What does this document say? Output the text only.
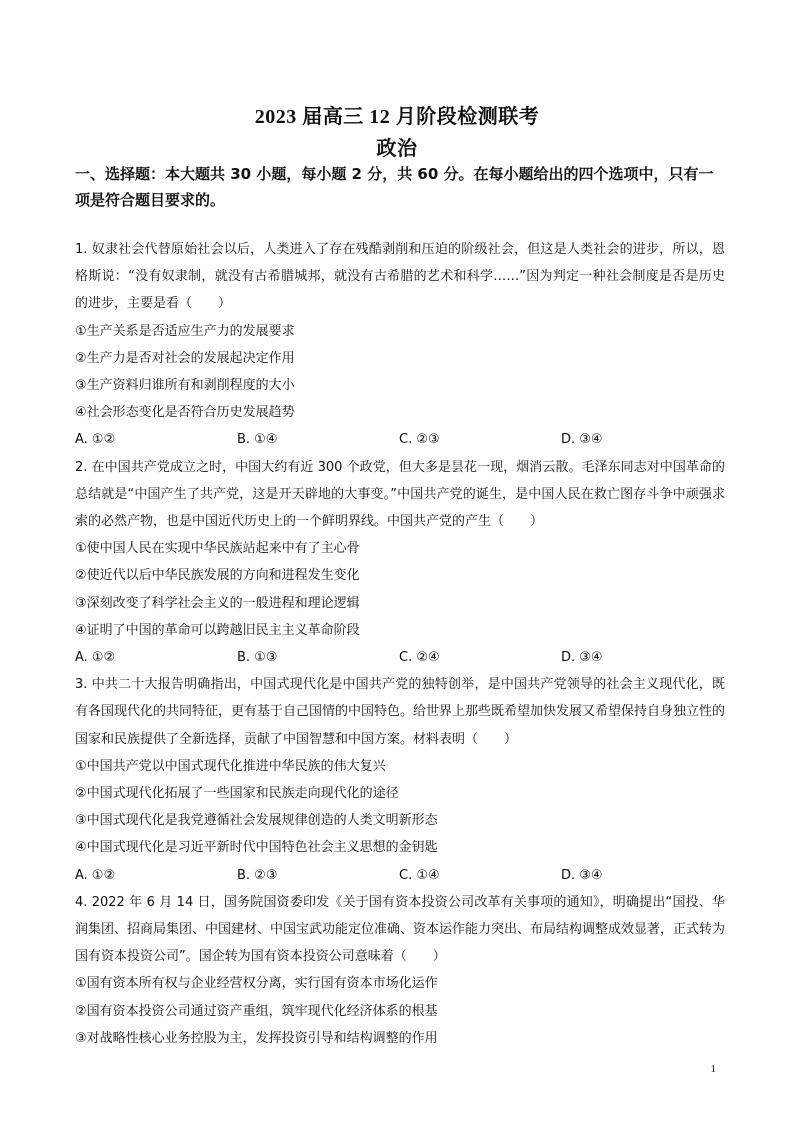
2023 届高三 12 月阶段检测联考
政治
一、选择题：本大题共 30 小题，每小题 2 分，共 60 分。在每小题给出的四个选项中，只有一项是符合题目要求的。
1. 奴隶社会代替原始社会以后，人类进入了存在残酷剥削和压迫的阶级社会，但这是人类社会的进步，所以，恩格斯说：“没有奴隶制，就没有古希腊城邦，就没有古希腊的艺术和科学……”因为判定一种社会制度是否是历史的进步，主要是看（　　）
①生产关系是否适应生产力的发展要求
②生产力是否对社会的发展起决定作用
③生产资料归谁所有和剥削程度的大小
④社会形态变化是否符合历史发展趋势
A. ①②	B. ①④	C. ②③	D. ③④
2. 在中国共产党成立之时，中国大约有近 300 个政党，但大多是昙花一现，烟消云散。毛泽东同志对中国革命的总结就是“中国产生了共产党，这是开天辟地的大事变。”中国共产党的诞生，是中国人民在救亡图存斗争中顽强求索的必然产物，也是中国近代历史上的一个鲜明界线。中国共产党的产生（　　）
①使中国人民在实现中华民族站起来中有了主心骨
②使近代以后中华民族发展的方向和进程发生变化
③深刻改变了科学社会主义的一般进程和理论逻辑
④证明了中国的革命可以跨越旧民主主义革命阶段
A. ①②	B. ①③	C. ②④	D. ③④
3. 中共二十大报告明确指出，中国式现代化是中国共产党的独特创举，是中国共产党领导的社会主义现代化，既有各国现代化的共同特征，更有基于自己国情的中国特色。给世界上那些既希望加快发展又希望保持自身独立性的国家和民族提供了全新选择，贡献了中国智慧和中国方案。材料表明（　　）
①中国共产党以中国式现代化推进中华民族的伟大复兴
②中国式现代化拓展了一些国家和民族走向现代化的途径
③中国式现代化是我党遵循社会发展规律创造的人类文明新形态
④中国式现代化是习近平新时代中国特色社会主义思想的金钥匙
A. ①②	B. ②③	C. ①④	D. ③④
4. 2022 年 6 月 14 日，国务院国资委印发《关于国有资本投资公司改革有关事项的通知》，明确提出“国投、华润集团、招商局集团、中国建材、中国宝武功能定位准确、资本运作能力突出、布局结构调整成效显著，正式转为国有资本投资公司”。国企转为国有资本投资公司意味着（　　）
①国有资本所有权与企业经营权分离，实行国有资本市场化运作
②国有资本投资公司通过资产重组，筑牢现代化经济体系的根基
③对战略性核心业务控股为主，发挥投资引导和结构调整的作用
1
